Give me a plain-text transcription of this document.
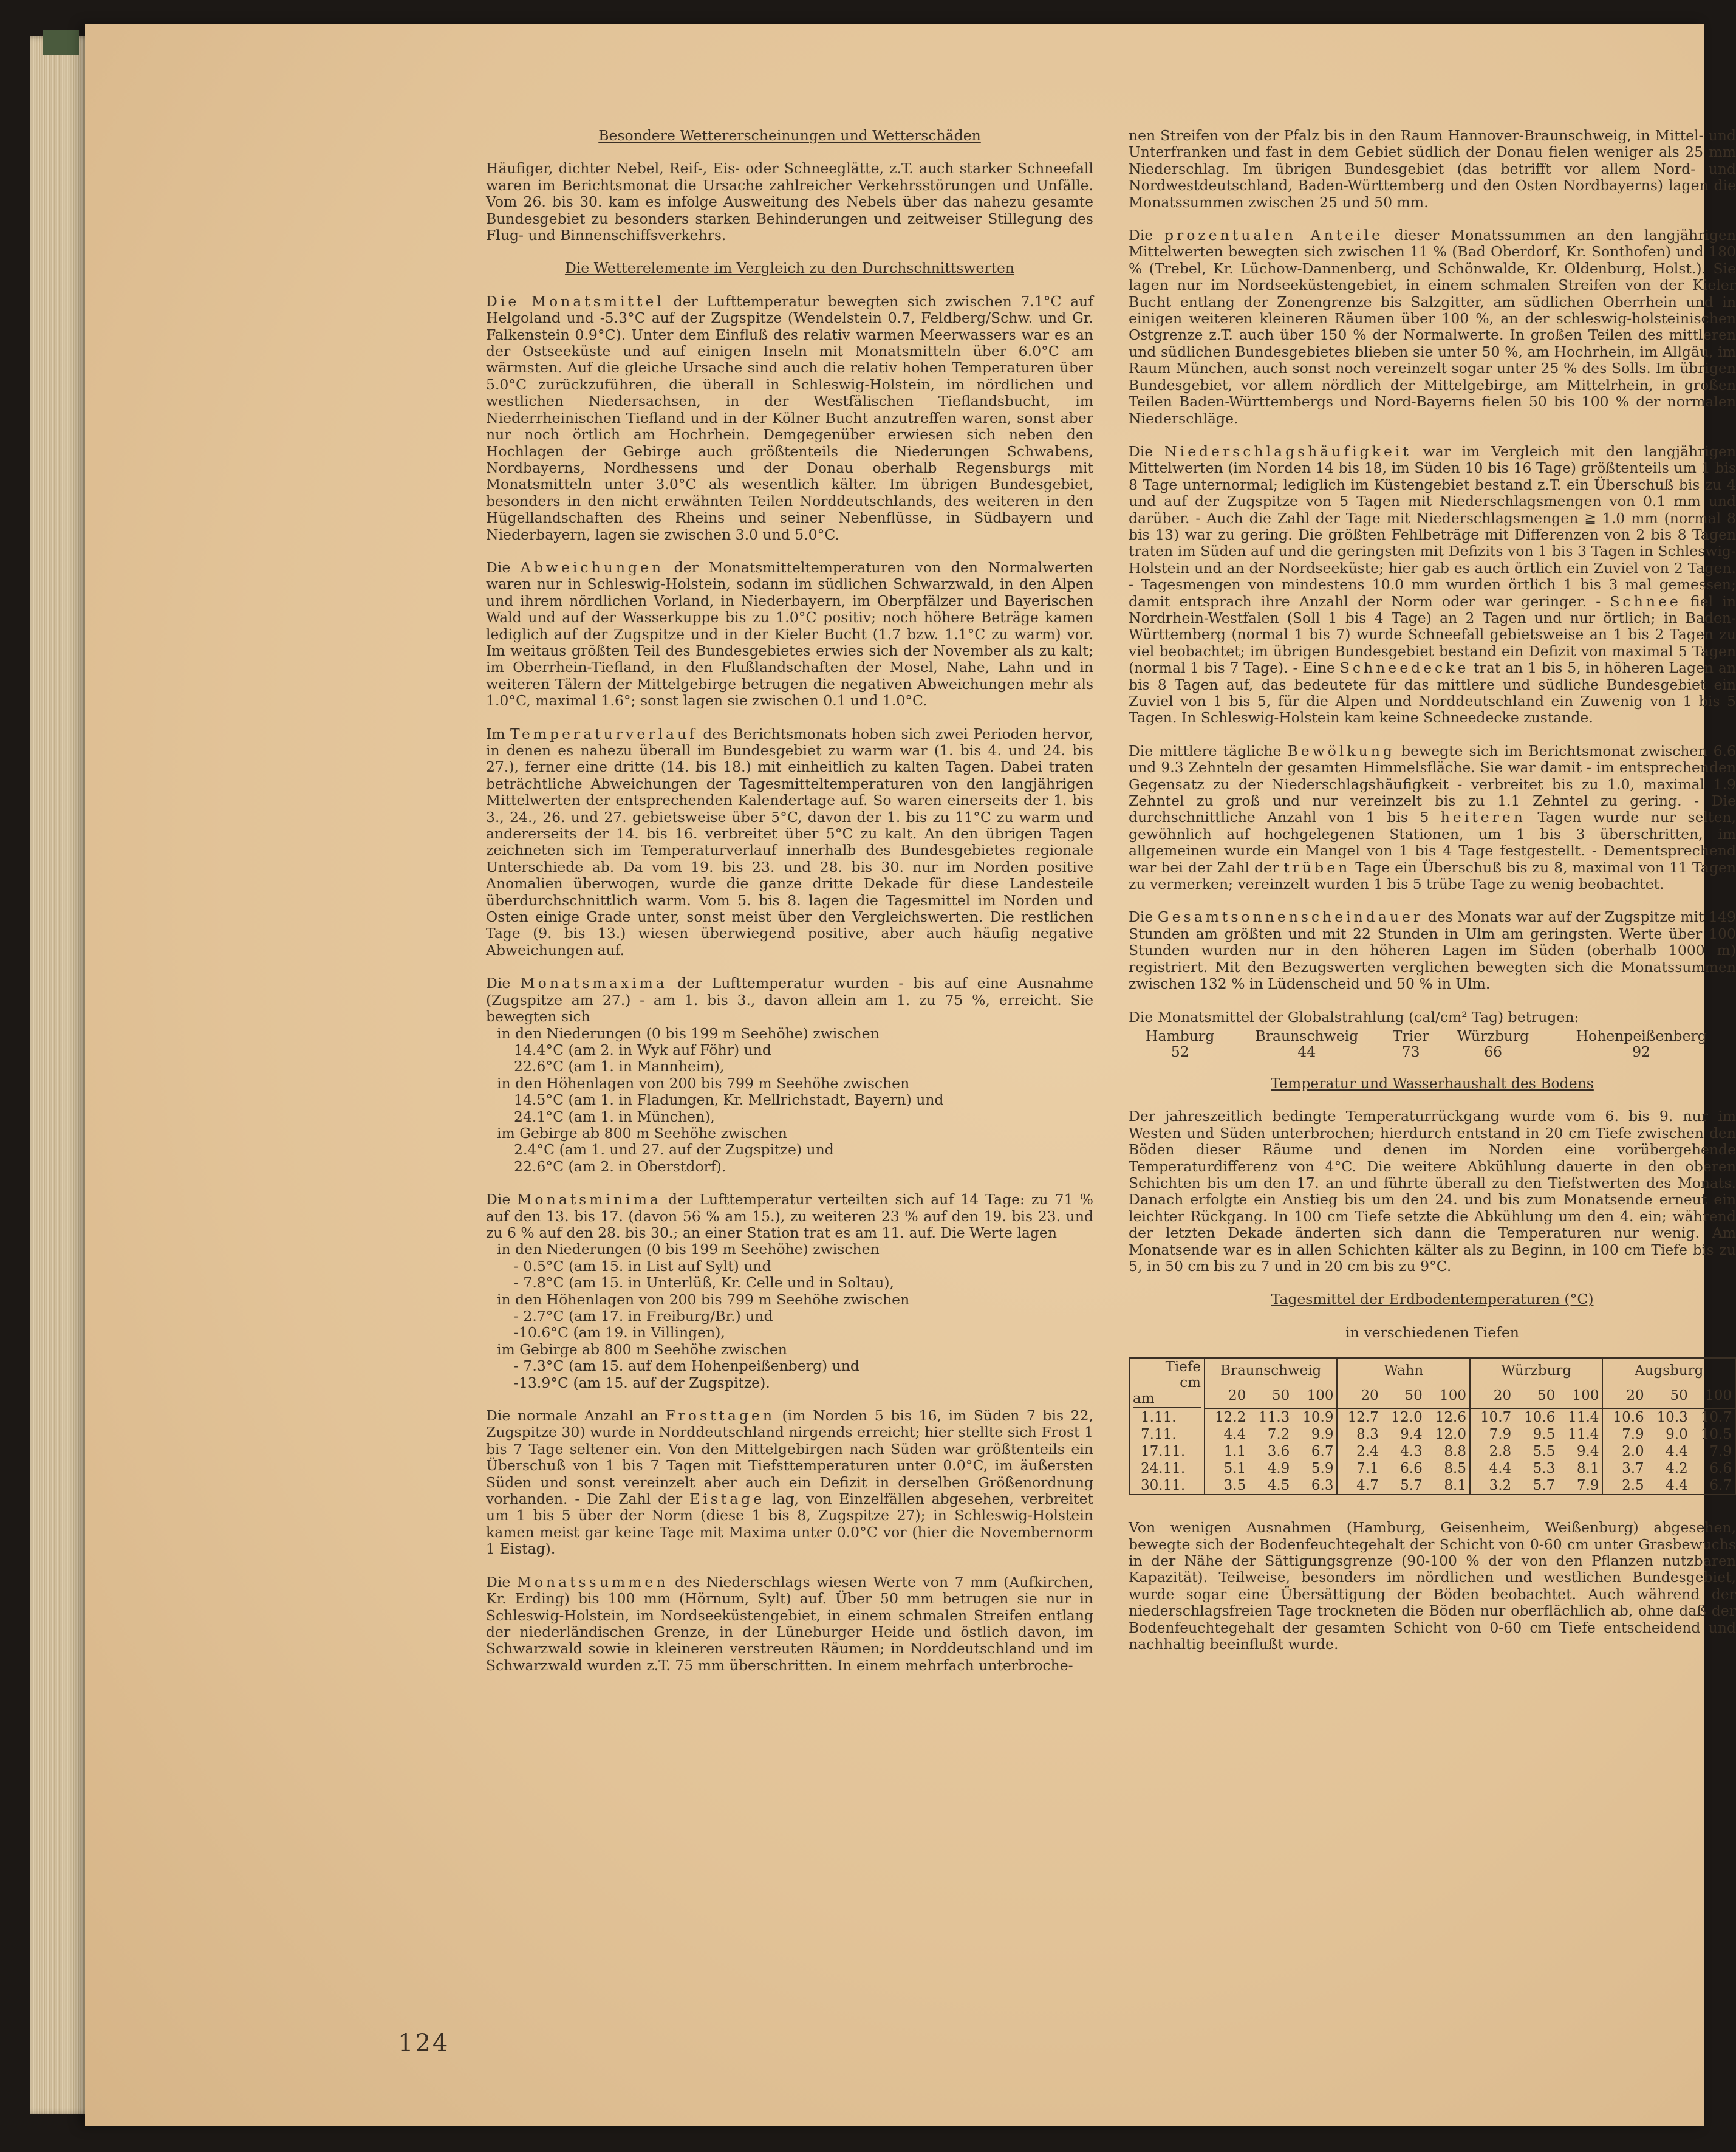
Besondere Wettererscheinungen und Wetterschäden

Häufiger, dichter Nebel, Reif-, Eis- oder Schneeglätte, z.T. auch starker Schneefall waren im Berichtsmonat die Ursache zahlreicher Verkehrsstörungen und Unfälle. Vom 26. bis 30. kam es infolge Ausweitung des Nebels über das nahezu gesamte Bundesgebiet zu besonders starken Behinderungen und zeitweiser Stillegung des Flug- und Binnenschiffsverkehrs.

Die Wetterelemente im Vergleich zu den Durchschnittswerten

Die Monatsmittel der Lufttemperatur bewegten sich zwischen 7.1°C auf Helgoland und -5.3°C auf der Zugspitze (Wendelstein 0.7, Feldberg/Schw. und Gr. Falkenstein 0.9°C). Unter dem Einfluß des relativ warmen Meerwassers war es an der Ostseeküste und auf einigen Inseln mit Monatsmitteln über 6.0°C am wärmsten. Auf die gleiche Ursache sind auch die relativ hohen Temperaturen über 5.0°C zurückzuführen, die überall in Schleswig-Holstein, im nördlichen und westlichen Niedersachsen, in der Westfälischen Tieflandsbucht, im Niederrheinischen Tiefland und in der Kölner Bucht anzutreffen waren, sonst aber nur noch örtlich am Hochrhein. Demgegenüber erwiesen sich neben den Hochlagen der Gebirge auch größtenteils die Niederungen Schwabens, Nordbayerns, Nordhessens und der Donau oberhalb Regensburgs mit Monatsmitteln unter 3.0°C als wesentlich kälter. Im übrigen Bundesgebiet, besonders in den nicht erwähnten Teilen Norddeutschlands, des weiteren in den Hügellandschaften des Rheins und seiner Nebenflüsse, in Südbayern und Niederbayern, lagen sie zwischen 3.0 und 5.0°C.

Die Abweichungen der Monatsmitteltemperaturen von den Normalwerten waren nur in Schleswig-Holstein, sodann im südlichen Schwarzwald, in den Alpen und ihrem nördlichen Vorland, in Niederbayern, im Oberpfälzer und Bayerischen Wald und auf der Wasserkuppe bis zu 1.0°C positiv; noch höhere Beträge kamen lediglich auf der Zugspitze und in der Kieler Bucht (1.7 bzw. 1.1°C zu warm) vor. Im weitaus größten Teil des Bundesgebietes erwies sich der November als zu kalt; im Oberrhein-Tiefland, in den Flußlandschaften der Mosel, Nahe, Lahn und in weiteren Tälern der Mittelgebirge betrugen die negativen Abweichungen mehr als 1.0°C, maximal 1.6°; sonst lagen sie zwischen 0.1 und 1.0°C.

Im Temperaturverlauf des Berichtsmonats hoben sich zwei Perioden hervor, in denen es nahezu überall im Bundesgebiet zu warm war (1. bis 4. und 24. bis 27.), ferner eine dritte (14. bis 18.) mit einheitlich zu kalten Tagen. Dabei traten beträchtliche Abweichungen der Tagesmitteltemperaturen von den langjährigen Mittelwerten der entsprechenden Kalendertage auf. So waren einerseits der 1. bis 3., 24., 26. und 27. gebietsweise über 5°C, davon der 1. bis zu 11°C zu warm und andererseits der 14. bis 16. verbreitet über 5°C zu kalt. An den übrigen Tagen zeichneten sich im Temperaturverlauf innerhalb des Bundesgebietes regionale Unterschiede ab. Da vom 19. bis 23. und 28. bis 30. nur im Norden positive Anomalien überwogen, wurde die ganze dritte Dekade für diese Landesteile überdurchschnittlich warm. Vom 5. bis 8. lagen die Tagesmittel im Norden und Osten einige Grade unter, sonst meist über den Vergleichswerten. Die restlichen Tage (9. bis 13.) wiesen überwiegend positive, aber auch häufig negative Abweichungen auf.

Die Monatsmaxima der Lufttemperatur wurden - bis auf eine Ausnahme (Zugspitze am 27.) - am 1. bis 3., davon allein am 1. zu 75 %, erreicht. Sie bewegten sich

in den Niederungen (0 bis 199 m Seehöhe) zwischen

14.4°C (am 2. in Wyk auf Föhr) und

22.6°C (am 1. in Mannheim),

in den Höhenlagen von 200 bis 799 m Seehöhe zwischen

14.5°C (am 1. in Fladungen, Kr. Mellrichstadt, Bayern) und

24.1°C (am 1. in München),

im Gebirge ab 800 m Seehöhe zwischen

2.4°C (am 1. und 27. auf der Zugspitze) und

22.6°C (am 2. in Oberstdorf).

Die Monatsminima der Lufttemperatur verteilten sich auf 14 Tage: zu 71 % auf den 13. bis 17. (davon 56 % am 15.), zu weiteren 23 % auf den 19. bis 23. und zu 6 % auf den 28. bis 30.; an einer Station trat es am 11. auf. Die Werte lagen

in den Niederungen (0 bis 199 m Seehöhe) zwischen

- 0.5°C (am 15. in List auf Sylt) und

- 7.8°C (am 15. in Unterlüß, Kr. Celle und in Soltau),

in den Höhenlagen von 200 bis 799 m Seehöhe zwischen

- 2.7°C (am 17. in Freiburg/Br.) und

-10.6°C (am 19. in Villingen),

im Gebirge ab 800 m Seehöhe zwischen

- 7.3°C (am 15. auf dem Hohenpeißenberg) und

-13.9°C (am 15. auf der Zugspitze).

Die normale Anzahl an Frosttagen (im Norden 5 bis 16, im Süden 7 bis 22, Zugspitze 30) wurde in Norddeutschland nirgends erreicht; hier stellte sich Frost 1 bis 7 Tage seltener ein. Von den Mittelgebirgen nach Süden war größtenteils ein Überschuß von 1 bis 7 Tagen mit Tiefsttemperaturen unter 0.0°C, im äußersten Süden und sonst vereinzelt aber auch ein Defizit in derselben Größenordnung vorhanden. - Die Zahl der Eistage lag, von Einzelfällen abgesehen, verbreitet um 1 bis 5 über der Norm (diese 1 bis 8, Zugspitze 27); in Schleswig-Holstein kamen meist gar keine Tage mit Maxima unter 0.0°C vor (hier die Novembernorm 1 Eistag).

Die Monatssummen des Niederschlags wiesen Werte von 7 mm (Aufkirchen, Kr. Erding) bis 100 mm (Hörnum, Sylt) auf. Über 50 mm betrugen sie nur in Schleswig-Holstein, im Nordseeküstengebiet, in einem schmalen Streifen entlang der niederländischen Grenze, in der Lüneburger Heide und östlich davon, im Schwarzwald sowie in kleineren verstreuten Räumen; in Norddeutschland und im Schwarzwald wurden z.T. 75 mm überschritten. In einem mehrfach unterbroche-

nen Streifen von der Pfalz bis in den Raum Hannover-Braunschweig, in Mittel- und Unterfranken und fast in dem Gebiet südlich der Donau fielen weniger als 25 mm Niederschlag. Im übrigen Bundesgebiet (das betrifft vor allem Nord- und Nordwestdeutschland, Baden-Württemberg und den Osten Nordbayerns) lagen die Monatssummen zwischen 25 und 50 mm.

Die prozentualen Anteile dieser Monatssummen an den langjährigen Mittelwerten bewegten sich zwischen 11 % (Bad Oberdorf, Kr. Sonthofen) und 180 % (Trebel, Kr. Lüchow-Dannenberg, und Schönwalde, Kr. Oldenburg, Holst.). Sie lagen nur im Nordseeküstengebiet, in einem schmalen Streifen von der Kieler Bucht entlang der Zonengrenze bis Salzgitter, am südlichen Oberrhein und in einigen weiteren kleineren Räumen über 100 %, an der schleswig-holsteinischen Ostgrenze z.T. auch über 150 % der Normalwerte. In großen Teilen des mittleren und südlichen Bundesgebietes blieben sie unter 50 %, am Hochrhein, im Allgäu, im Raum München, auch sonst noch vereinzelt sogar unter 25 % des Solls. Im übrigen Bundesgebiet, vor allem nördlich der Mittelgebirge, am Mittelrhein, in großen Teilen Baden-Württembergs und Nord-Bayerns fielen 50 bis 100 % der normalen Niederschläge.

Die Niederschlagshäufigkeit war im Vergleich mit den langjährigen Mittelwerten (im Norden 14 bis 18, im Süden 10 bis 16 Tage) größtenteils um 1 bis 8 Tage unternormal; lediglich im Küstengebiet bestand z.T. ein Überschuß bis zu 4 und auf der Zugspitze von 5 Tagen mit Niederschlagsmengen von 0.1 mm und darüber. - Auch die Zahl der Tage mit Niederschlagsmengen ≧ 1.0 mm (normal 8 bis 13) war zu gering. Die größten Fehlbeträge mit Differenzen von 2 bis 8 Tagen traten im Süden auf und die geringsten mit Defizits von 1 bis 3 Tagen in Schleswig-Holstein und an der Nordseeküste; hier gab es auch örtlich ein Zuviel von 2 Tagen. - Tagesmengen von mindestens 10.0 mm wurden örtlich 1 bis 3 mal gemessen; damit entsprach ihre Anzahl der Norm oder war geringer. - Schnee fiel in Nordrhein-Westfalen (Soll 1 bis 4 Tage) an 2 Tagen und nur örtlich; in Baden-Württemberg (normal 1 bis 7) wurde Schneefall gebietsweise an 1 bis 2 Tagen zu viel beobachtet; im übrigen Bundesgebiet bestand ein Defizit von maximal 5 Tagen (normal 1 bis 7 Tage). - Eine Schneedecke trat an 1 bis 5, in höheren Lagen an bis 8 Tagen auf, das bedeutete für das mittlere und südliche Bundesgebiet ein Zuviel von 1 bis 5, für die Alpen und Norddeutschland ein Zuwenig von 1 bis 5 Tagen. In Schleswig-Holstein kam keine Schneedecke zustande.

Die mittlere tägliche Bewölkung bewegte sich im Berichtsmonat zwischen 6.6 und 9.3 Zehnteln der gesamten Himmelsfläche. Sie war damit - im entsprechenden Gegensatz zu der Niederschlagshäufigkeit - verbreitet bis zu 1.0, maximal 1.9 Zehntel zu groß und nur vereinzelt bis zu 1.1 Zehntel zu gering. - Die durchschnittliche Anzahl von 1 bis 5 heiteren Tagen wurde nur selten, gewöhnlich auf hochgelegenen Stationen, um 1 bis 3 überschritten, im allgemeinen wurde ein Mangel von 1 bis 4 Tage festgestellt. - Dementsprechend war bei der Zahl der trüben Tage ein Überschuß bis zu 8, maximal von 11 Tagen zu vermerken; vereinzelt wurden 1 bis 5 trübe Tage zu wenig beobachtet.

Die Gesamtsonnenscheindauer des Monats war auf der Zugspitze mit 149 Stunden am größten und mit 22 Stunden in Ulm am geringsten. Werte über 100 Stunden wurden nur in den höheren Lagen im Süden (oberhalb 1000 m) registriert. Mit den Bezugswerten verglichen bewegten sich die Monatssummen zwischen 132 % in Lüdenscheid und 50 % in Ulm.

Die Monatsmittel der Globalstrahlung (cal/cm² Tag) betrugen:

Hamburg	Braunschweig	Trier	Würzburg	Hohenpeißenberg
52	44	73	66	92

Temperatur und Wasserhaushalt des Bodens

Der jahreszeitlich bedingte Temperaturrückgang wurde vom 6. bis 9. nur im Westen und Süden unterbrochen; hierdurch entstand in 20 cm Tiefe zwischen den Böden dieser Räume und denen im Norden eine vorübergehende Temperaturdifferenz von 4°C. Die weitere Abkühlung dauerte in den oberen Schichten bis um den 17. an und führte überall zu den Tiefstwerten des Monats. Danach erfolgte ein Anstieg bis um den 24. und bis zum Monatsende erneut ein leichter Rückgang. In 100 cm Tiefe setzte die Abkühlung um den 4. ein; während der letzten Dekade änderten sich dann die Temperaturen nur wenig. Am Monatsende war es in allen Schichten kälter als zu Beginn, in 100 cm Tiefe bis zu 5, in 50 cm bis zu 7 und in 20 cm bis zu 9°C.

Tagesmittel der Erdbodentemperaturen (°C)

in verschiedenen Tiefen

Tiefe
cm
am	Braunschweig			Wahn			Würzburg			Augsburg		
	20	50	100	20	50	100	20	50	100	20	50	100
1.11.	12.2	11.3	10.9	12.7	12.0	12.6	10.7	10.6	11.4	10.6	10.3	10.7
7.11.	4.4	7.2	9.9	8.3	9.4	12.0	7.9	9.5	11.4	7.9	9.0	10.5
17.11.	1.1	3.6	6.7	2.4	4.3	8.8	2.8	5.5	9.4	2.0	4.4	7.9
24.11.	5.1	4.9	5.9	7.1	6.6	8.5	4.4	5.3	8.1	3.7	4.2	6.6
30.11.	3.5	4.5	6.3	4.7	5.7	8.1	3.2	5.7	7.9	2.5	4.4	6.7

Von wenigen Ausnahmen (Hamburg, Geisenheim, Weißenburg) abgesehen, bewegte sich der Bodenfeuchtegehalt der Schicht von 0-60 cm unter Grasbewuchs in der Nähe der Sättigungsgrenze (90-100 % der von den Pflanzen nutzbaren Kapazität). Teilweise, besonders im nördlichen und westlichen Bundesgebiet, wurde sogar eine Übersättigung der Böden beobachtet. Auch während der niederschlagsfreien Tage trockneten die Böden nur oberflächlich ab, ohne daß der Bodenfeuchtegehalt der gesamten Schicht von 0-60 cm Tiefe entscheidend und nachhaltig beeinflußt wurde.

124
